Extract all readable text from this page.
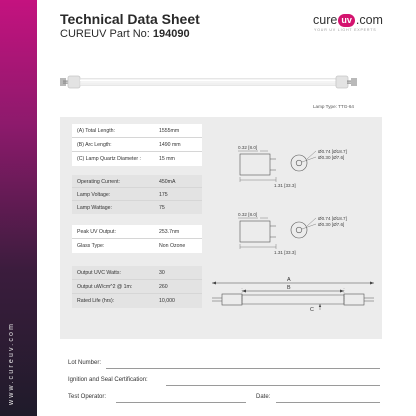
www.cureuv.com
Technical Data Sheet
CUREUV Part No: 194090
cure uv .com
YOUR UV LIGHT EXPERTS
Lamp Type: TTG-64
(A) Total Length:	1555mm
(B) Arc Length:	1490 mm
(C) Lamp Quartz Diameter :	15 mm
Operating Current:	450mA
Lamp Voltage:	175
Lamp Wattage:	75
Peak UV Output:	253.7nm
Glass Type:	Non Ozone
Output UVC Watts:	30
Output uW/cm^2 @ 1m:	260
Rated Life (hrs):	10,000
0.32 [8.0]
1.31 [33.3]
Ø0.74 [Ø18.7]
Ø0.30 [Ø7.6]
0.32 [8.0]
1.31 [33.3]
Ø0.74 [Ø18.7]
Ø0.30 [Ø7.6]
A
B
C
Lot Number:
Ignition and Seal Certification:
Test Operator:	Date:
